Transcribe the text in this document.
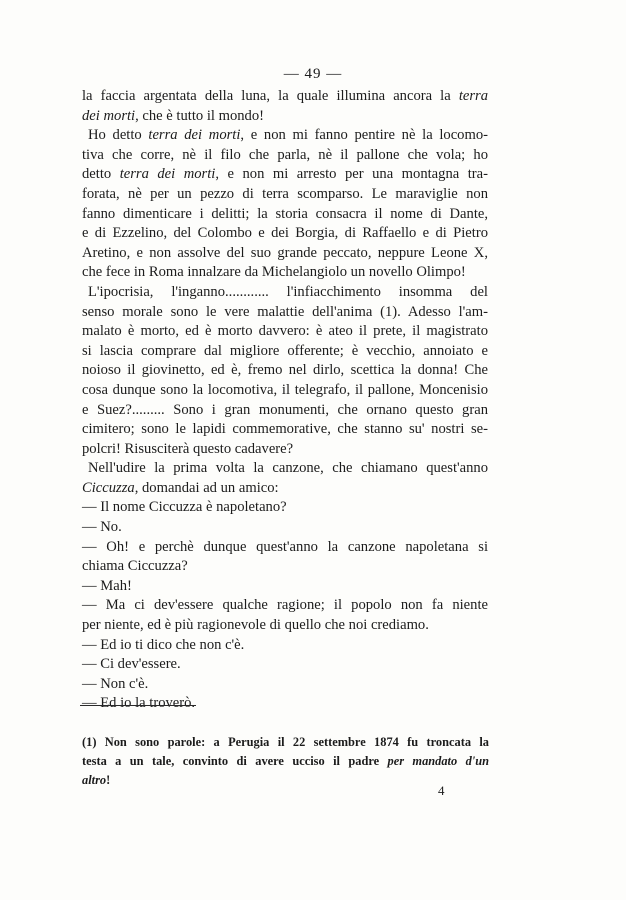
— 49 —
la faccia argentata della luna, la quale illumina ancora la terra
dei morti, che è tutto il mondo!
Ho detto terra dei morti, e non mi fanno pentire nè la locomo-
tiva che corre, nè il filo che parla, nè il pallone che vola; ho
detto terra dei morti, e non mi arresto per una montagna tra-
forata, nè per un pezzo di terra scomparso. Le maraviglie non
fanno dimenticare i delitti; la storia consacra il nome di Dante,
e di Ezzelino, del Colombo e dei Borgia, di Raffaello e di Pietro
Aretino, e non assolve del suo grande peccato, neppure Leone X,
che fece in Roma innalzare da Michelangiolo un novello Olimpo!
L'ipocrisia, l'inganno............ l'infiacchimento insomma del
senso morale sono le vere malattie dell'anima (1). Adesso l'am-
malato è morto, ed è morto davvero: è ateo il prete, il magistrato
si lascia comprare dal migliore offerente; è vecchio, annoiato e
noioso il giovinetto, ed è, fremo nel dirlo, scettica la donna! Che
cosa dunque sono la locomotiva, il telegrafo, il pallone, Moncenisio
e Suez?......... Sono i gran monumenti, che ornano questo gran
cimitero; sono le lapidi commemorative, che stanno su' nostri se-
polcri! Risusciterà questo cadavere?
Nell'udire la prima volta la canzone, che chiamano quest'anno
Ciccuzza, domandai ad un amico:
— Il nome Ciccuzza è napoletano?
— No.
— Oh! e perchè dunque quest'anno la canzone napoletana si
chiama Ciccuzza?
— Mah!
— Ma ci dev'essere qualche ragione; il popolo non fa niente
per niente, ed è più ragionevole di quello che noi crediamo.
— Ed io ti dico che non c'è.
— Ci dev'essere.
— Non c'è.
— Ed io la troverò.
(1) Non sono parole: a Perugia il 22 settembre 1874 fu troncata la
testa a un tale, convinto di avere ucciso il padre per mandato d'un
altro!
4
